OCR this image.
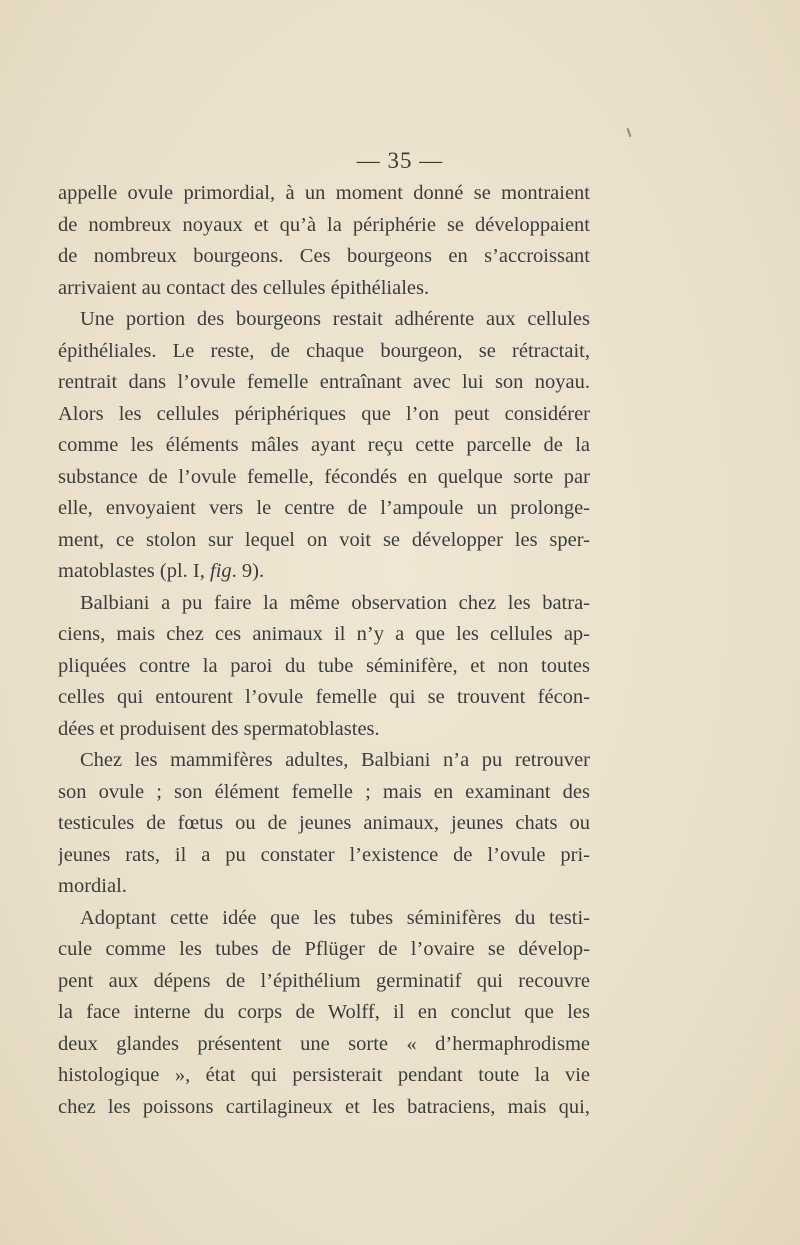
— 35 —
appelle ovule primordial, à un moment donné se montraient
de nombreux noyaux et qu’à la périphérie se développaient
de nombreux bourgeons. Ces bourgeons en s’accroissant
arrivaient au contact des cellules épithéliales.
Une portion des bourgeons restait adhérente aux cellules
épithéliales. Le reste, de chaque bourgeon, se rétractait,
rentrait dans l’ovule femelle entraînant avec lui son noyau.
Alors les cellules périphériques que l’on peut considérer
comme les éléments mâles ayant reçu cette parcelle de la
substance de l’ovule femelle, fécondés en quelque sorte par
elle, envoyaient vers le centre de l’ampoule un prolonge-
ment, ce stolon sur lequel on voit se développer les sper-
matoblastes (pl. I, fig. 9).
Balbiani a pu faire la même observation chez les batra-
ciens, mais chez ces animaux il n’y a que les cellules ap-
pliquées contre la paroi du tube séminifère, et non toutes
celles qui entourent l’ovule femelle qui se trouvent fécon-
dées et produisent des spermatoblastes.
Chez les mammifères adultes, Balbiani n’a pu retrouver
son ovule ; son élément femelle ; mais en examinant des
testicules de fœtus ou de jeunes animaux, jeunes chats ou
jeunes rats, il a pu constater l’existence de l’ovule pri-
mordial.
Adoptant cette idée que les tubes séminifères du testi-
cule comme les tubes de Pflüger de l’ovaire se dévelop-
pent aux dépens de l’épithélium germinatif qui recouvre
la face interne du corps de Wolff, il en conclut que les
deux glandes présentent une sorte « d’hermaphrodisme
histologique », état qui persisterait pendant toute la vie
chez les poissons cartilagineux et les batraciens, mais qui,
